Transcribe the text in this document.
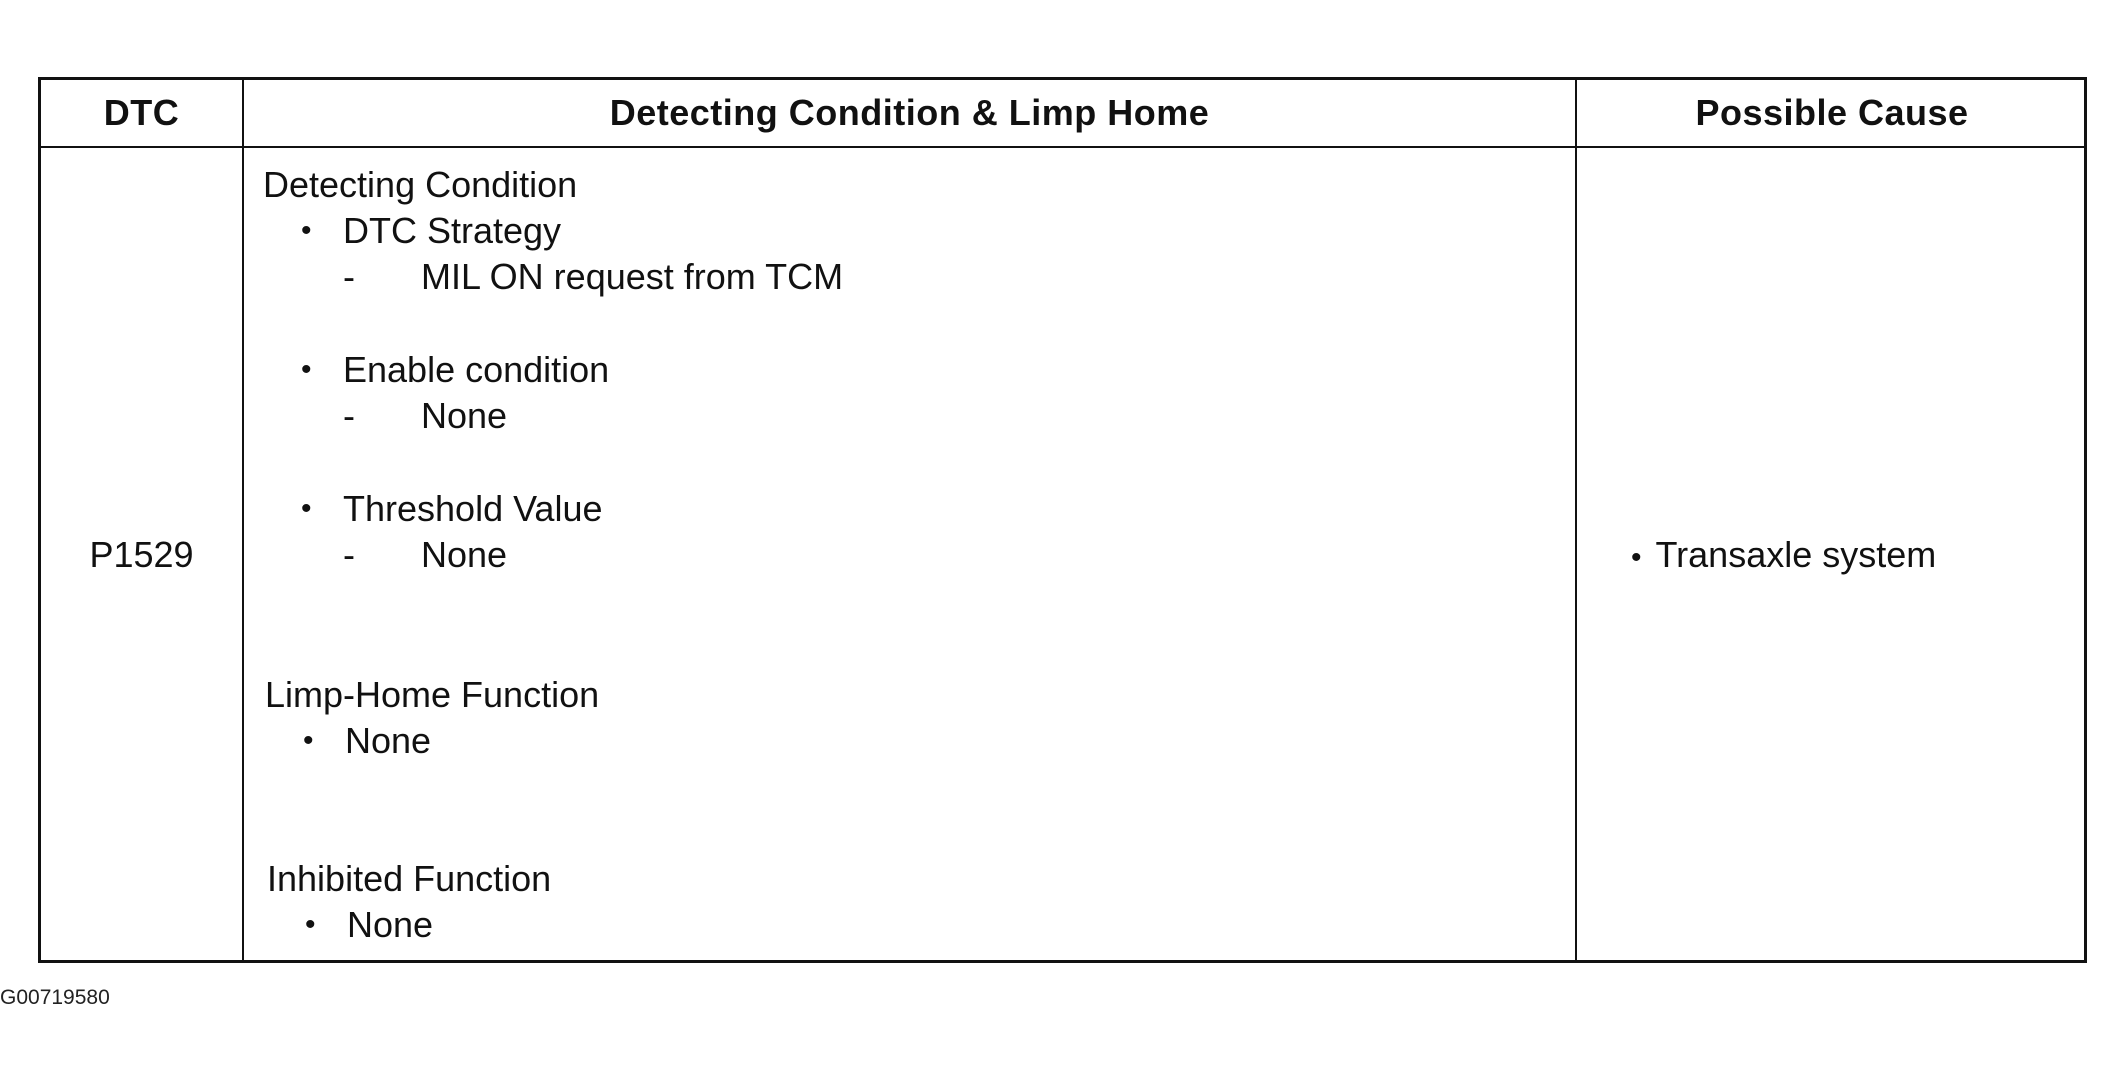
DTC	Detecting Condition & Limp Home	Possible Cause
P1529
Detecting Condition
• DTC Strategy
- MIL ON request from TCM
• Enable condition
- None
• Threshold Value
- None
Limp-Home Function
• None
Inhibited Function
• None
• Transaxle system
G00719580
